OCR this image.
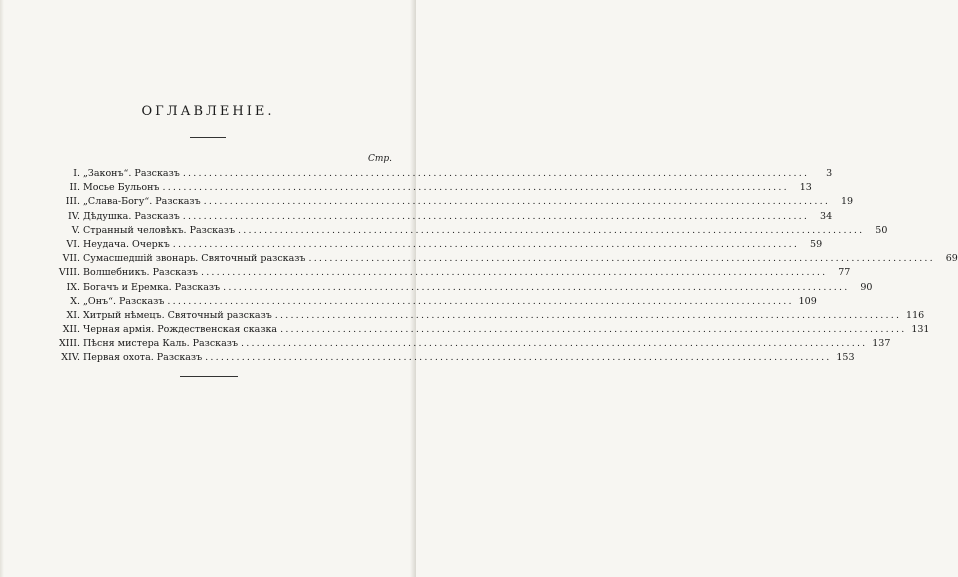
ОГЛАВЛЕНІЕ.
Стр.
I. „Законъ“. Разсказъ ........................................................................................................................	3
II. Мосье Бульонъ ........................................................................................................................	13
III. „Слава-Богу“. Разсказъ ........................................................................................................................	19
IV. Дѣдушка. Разсказъ ........................................................................................................................	34
V. Странный человѣкъ. Разсказъ ........................................................................................................................	50
VI. Неудача. Очеркъ ........................................................................................................................	59
VII. Сумасшедшій звонарь. Святочный разсказъ ........................................................................................................................	69
VIII. Волшебникъ. Разсказъ ........................................................................................................................	77
IX. Богачъ и Еремка. Разсказъ ........................................................................................................................	90
X. „Онъ“. Разсказъ ........................................................................................................................ 109
XI. Хитрый нѣмецъ. Святочный разсказъ ........................................................................................................................ 116
XII. Черная армія. Рождественская сказка ........................................................................................................................ 131
XIII. Пѣсня мистера Каль. Разсказъ ........................................................................................................................ 137
XIV. Первая охота. Разсказъ ........................................................................................................................ 153
